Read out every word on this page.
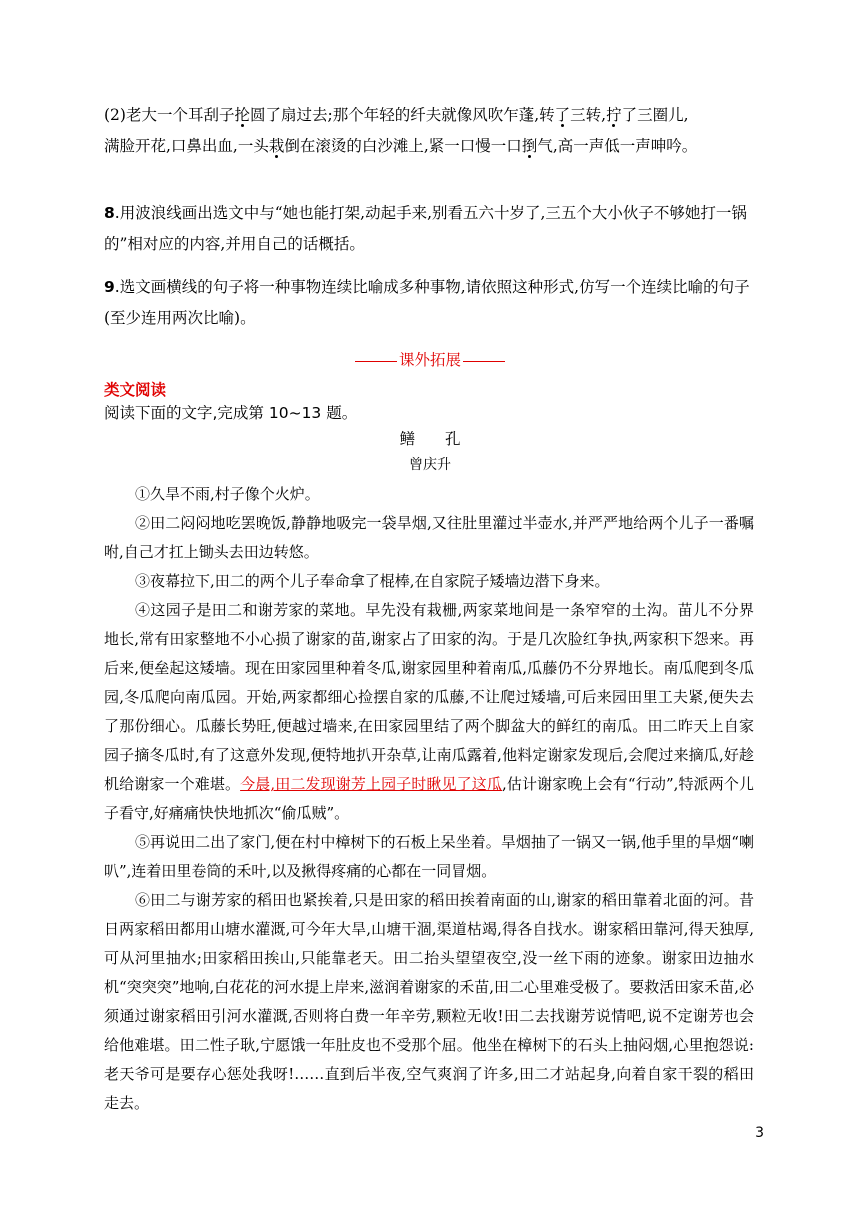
(2)老大一个耳刮子抡圆了扇过去;那个年轻的纤夫就像风吹乍蓬,转了三转,拧了三圈儿,
满脸开花,口鼻出血,一头栽倒在滚烫的白沙滩上,紧一口慢一口捯气,高一声低一声呻吟。
8.用波浪线画出选文中与“她也能打架,动起手来,别看五六十岁了,三五个大小伙子不够她打一锅的”相对应的内容,并用自己的话概括。
9.选文画横线的句子将一种事物连续比喻成多种事物,请依照这种形式,仿写一个连续比喻的句子(至少连用两次比喻)。
课外拓展
类文阅读
阅读下面的文字,完成第 10~13 题。
鳝孔
曾庆升

①久旱不雨,村子像个火炉。

②田二闷闷地吃罢晚饭,静静地吸完一袋旱烟,又往肚里灌过半壶水,并严严地给两个儿子一番嘱咐,自己才扛上锄头去田边转悠。

③夜幕拉下,田二的两个儿子奉命拿了棍棒,在自家院子矮墙边潜下身来。

④这园子是田二和谢芳家的菜地。早先没有栽栅,两家菜地间是一条窄窄的土沟。苗儿不分界地长,常有田家整地不小心损了谢家的苗,谢家占了田家的沟。于是几次脸红争执,两家积下怨来。再后来,便垒起这矮墙。现在田家园里种着冬瓜,谢家园里种着南瓜,瓜藤仍不分界地长。南瓜爬到冬瓜园,冬瓜爬向南瓜园。开始,两家都细心捡摆自家的瓜藤,不让爬过矮墙,可后来园田里工夫紧,便失去了那份细心。瓜藤长势旺,便越过墙来,在田家园里结了两个脚盆大的鲜红的南瓜。田二昨天上自家园子摘冬瓜时,有了这意外发现,便特地扒开杂草,让南瓜露着,他料定谢家发现后,会爬过来摘瓜,好趁机给谢家一个难堪。今晨,田二发现谢芳上园子时瞅见了这瓜,估计谢家晚上会有“行动”,特派两个儿子看守,好痛痛快快地抓次“偷瓜贼”。

⑤再说田二出了家门,便在村中樟树下的石板上呆坐着。旱烟抽了一锅又一锅,他手里的旱烟“喇叭”,连着田里卷筒的禾叶,以及揪得疼痛的心都在一同冒烟。

⑥田二与谢芳家的稻田也紧挨着,只是田家的稻田挨着南面的山,谢家的稻田靠着北面的河。昔日两家稻田都用山塘水灌溉,可今年大旱,山塘干涸,渠道枯竭,得各自找水。谢家稻田靠河,得天独厚,可从河里抽水;田家稻田挨山,只能靠老天。田二抬头望望夜空,没一丝下雨的迹象。谢家田边抽水机“突突突”地响,白花花的河水提上岸来,滋润着谢家的禾苗,田二心里难受极了。要救活田家禾苗,必须通过谢家稻田引河水灌溉,否则将白费一年辛劳,颗粒无收!田二去找谢芳说情吧,说不定谢芳也会给他难堪。田二性子耿,宁愿饿一年肚皮也不受那个屈。他坐在樟树下的石头上抽闷烟,心里抱怨说:老天爷可是要存心惩处我呀!……直到后半夜,空气爽润了许多,田二才站起身,向着自家干裂的稻田走去。

3
